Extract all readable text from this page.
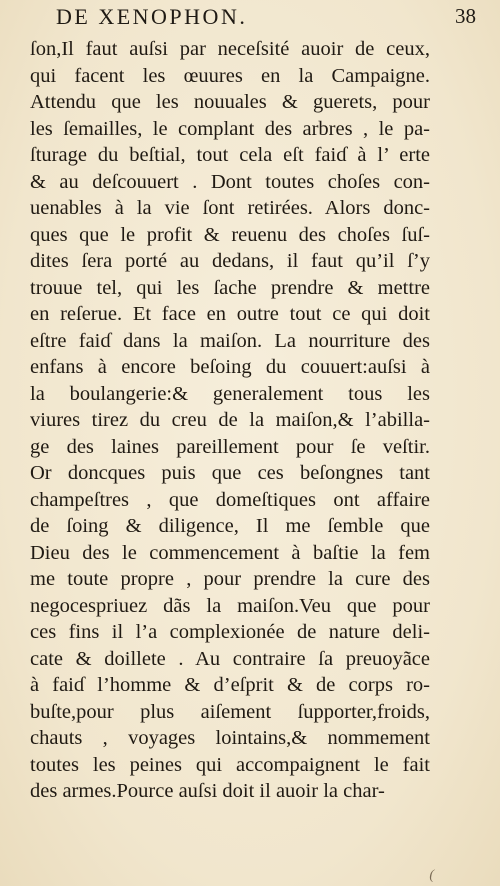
DE XENOPHON.	38
ſon,Il faut auſsi par neceſsité auoir de ceux,
qui facent les œuures en la Campaigne.
Attendu que les nouuales & guerets, pour
les ſemailles, le complant des arbres , le pa-
ſturage du beſtial, tout cela eſt faiɗ à l’ erte
& au deſcouuert . Dont toutes choſes con-
uenables à la vie ſont retirées. Alors donc-
ques que le profit & reuenu des choſes ſuſ-
dites ſera porté au dedans, il faut qu’il ſ’y
trouue tel, qui les ſache prendre & mettre
en reſerue. Et face en outre tout ce qui doit
eſtre faiɗ dans la maiſon. La nourriture des
enfans à encore beſoing du couuert:auſsi à
la boulangerie:& generalement tous les
viures tirez du creu de la maiſon,& l’abilla-
ge des laines pareillement pour ſe veſtir.
Or doncques puis que ces beſongnes tant
champeſtres , que domeſtiques ont affaire
de ſoing & diligence, Il me ſemble que
Dieu des le commencement à baſtie la fem
me toute propre , pour prendre la cure des
negocespriuez dãs la maiſon.Veu que pour
ces fins il l’a complexionée de nature deli-
cate & doillete . Au contraire ſa preuoyãce
à faiɗ l’homme & d’eſprit & de corps ro-
buſte,pour plus aiſement ſupporter,froids,
chauts , voyages lointains,& nommement
toutes les peines qui accompaignent le fait
des armes.Pource auſsi doit il auoir la char-
(
